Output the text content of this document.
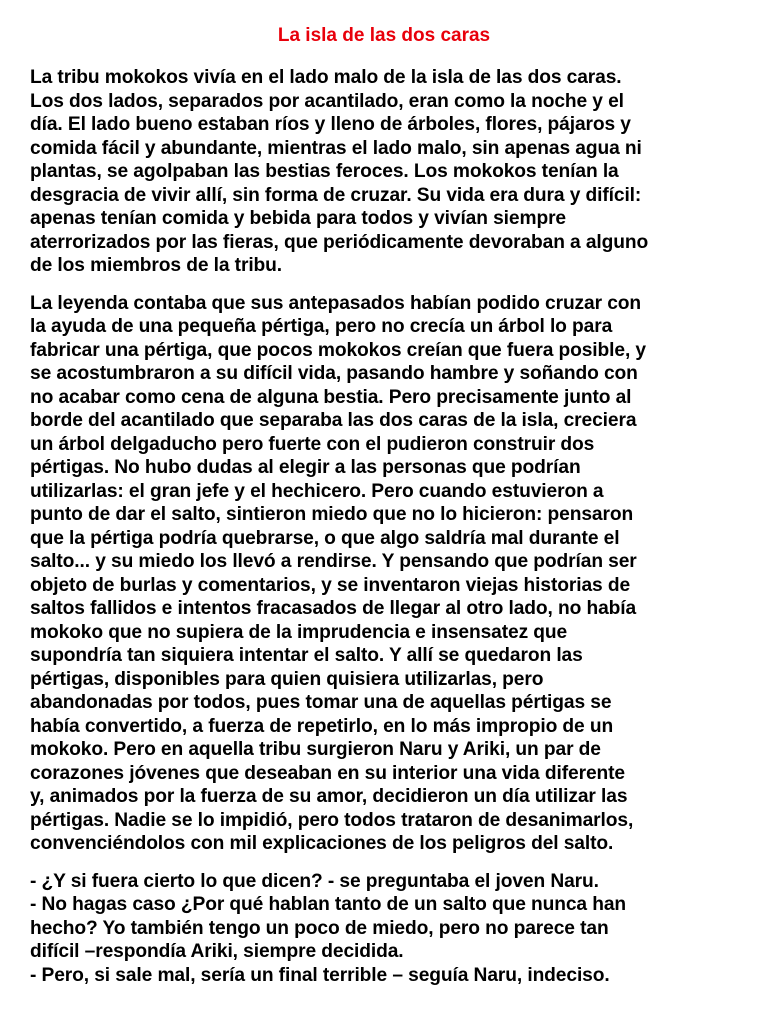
La isla de las dos caras
La tribu mokokos vivía en el lado malo de la isla de las dos caras.
Los dos lados, separados por acantilado, eran como la noche y el
día. El lado bueno estaban ríos y lleno de árboles, flores, pájaros y
comida fácil y abundante, mientras el lado malo, sin apenas agua ni
plantas, se agolpaban las bestias feroces. Los mokokos tenían la
desgracia de vivir allí, sin forma de cruzar. Su vida era dura y difícil:
apenas tenían comida y bebida para todos y vivían siempre
aterrorizados por las fieras, que periódicamente devoraban a alguno
de los miembros de la tribu.
La leyenda contaba que sus antepasados habían podido cruzar con
la ayuda de una pequeña pértiga, pero no crecía un árbol lo para
fabricar una pértiga, que pocos mokokos creían que fuera posible, y
se acostumbraron a su difícil vida, pasando hambre y soñando con
no acabar como cena de alguna bestia. Pero precisamente junto al
borde del acantilado que separaba las dos caras de la isla, creciera
un árbol delgaducho pero fuerte con el pudieron construir dos
pértigas. No hubo dudas al elegir a las personas que podrían
utilizarlas: el gran jefe y el hechicero. Pero cuando estuvieron a
punto de dar el salto, sintieron miedo que no lo hicieron: pensaron
que la pértiga podría quebrarse, o que algo saldría mal durante el
salto... y su miedo los llevó a rendirse. Y pensando que podrían ser
objeto de burlas y comentarios, y se inventaron viejas historias de
saltos fallidos e intentos fracasados de llegar al otro lado, no había
mokoko que no supiera de la imprudencia e insensatez que
supondría tan siquiera intentar el salto. Y allí se quedaron las
pértigas, disponibles para quien quisiera utilizarlas, pero
abandonadas por todos, pues tomar una de aquellas pértigas se
había convertido, a fuerza de repetirlo, en lo más impropio de un
mokoko. Pero en aquella tribu surgieron Naru y Ariki, un par de
corazones jóvenes que deseaban en su interior una vida diferente
y, animados por la fuerza de su amor, decidieron un día utilizar las
pértigas. Nadie se lo impidió, pero todos trataron de desanimarlos,
convenciéndolos con mil explicaciones de los peligros del salto.
- ¿Y si fuera cierto lo que dicen? - se preguntaba el joven Naru.
- No hagas caso ¿Por qué hablan tanto de un salto que nunca han
hecho? Yo también tengo un poco de miedo, pero no parece tan
difícil –respondía Ariki, siempre decidida.
- Pero, si sale mal, sería un final terrible – seguía Naru, indeciso.
